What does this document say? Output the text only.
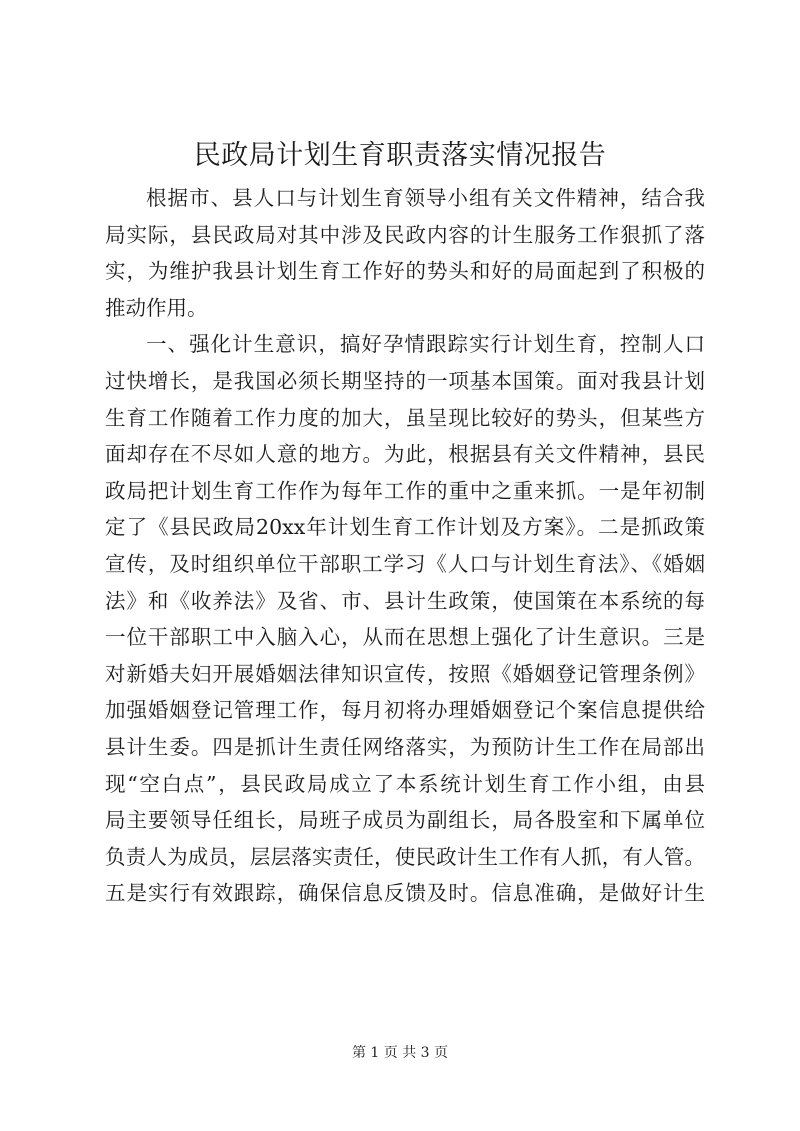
民政局计划生育职责落实情况报告
根据市、县人口与计划生育领导小组有关文件精神，结合我
局实际，县民政局对其中涉及民政内容的计生服务工作狠抓了落
实，为维护我县计划生育工作好的势头和好的局面起到了积极的
推动作用。
一、强化计生意识，搞好孕情跟踪实行计划生育，控制人口
过快增长，是我国必须长期坚持的一项基本国策。面对我县计划
生育工作随着工作力度的加大，虽呈现比较好的势头，但某些方
面却存在不尽如人意的地方。为此，根据县有关文件精神，县民
政局把计划生育工作作为每年工作的重中之重来抓。一是年初制
定了《县民政局20xx年计划生育工作计划及方案》。二是抓政策
宣传，及时组织单位干部职工学习《人口与计划生育法》、《婚姻
法》和《收养法》及省、市、县计生政策，使国策在本系统的每
一位干部职工中入脑入心，从而在思想上强化了计生意识。三是
对新婚夫妇开展婚姻法律知识宣传，按照《婚姻登记管理条例》
加强婚姻登记管理工作，每月初将办理婚姻登记个案信息提供给
县计生委。四是抓计生责任网络落实，为预防计生工作在局部出
现“空白点”，县民政局成立了本系统计划生育工作小组，由县
局主要领导任组长，局班子成员为副组长，局各股室和下属单位
负责人为成员，层层落实责任，使民政计生工作有人抓，有人管。
五是实行有效跟踪，确保信息反馈及时。信息准确，是做好计生
第 1 页 共 3 页
